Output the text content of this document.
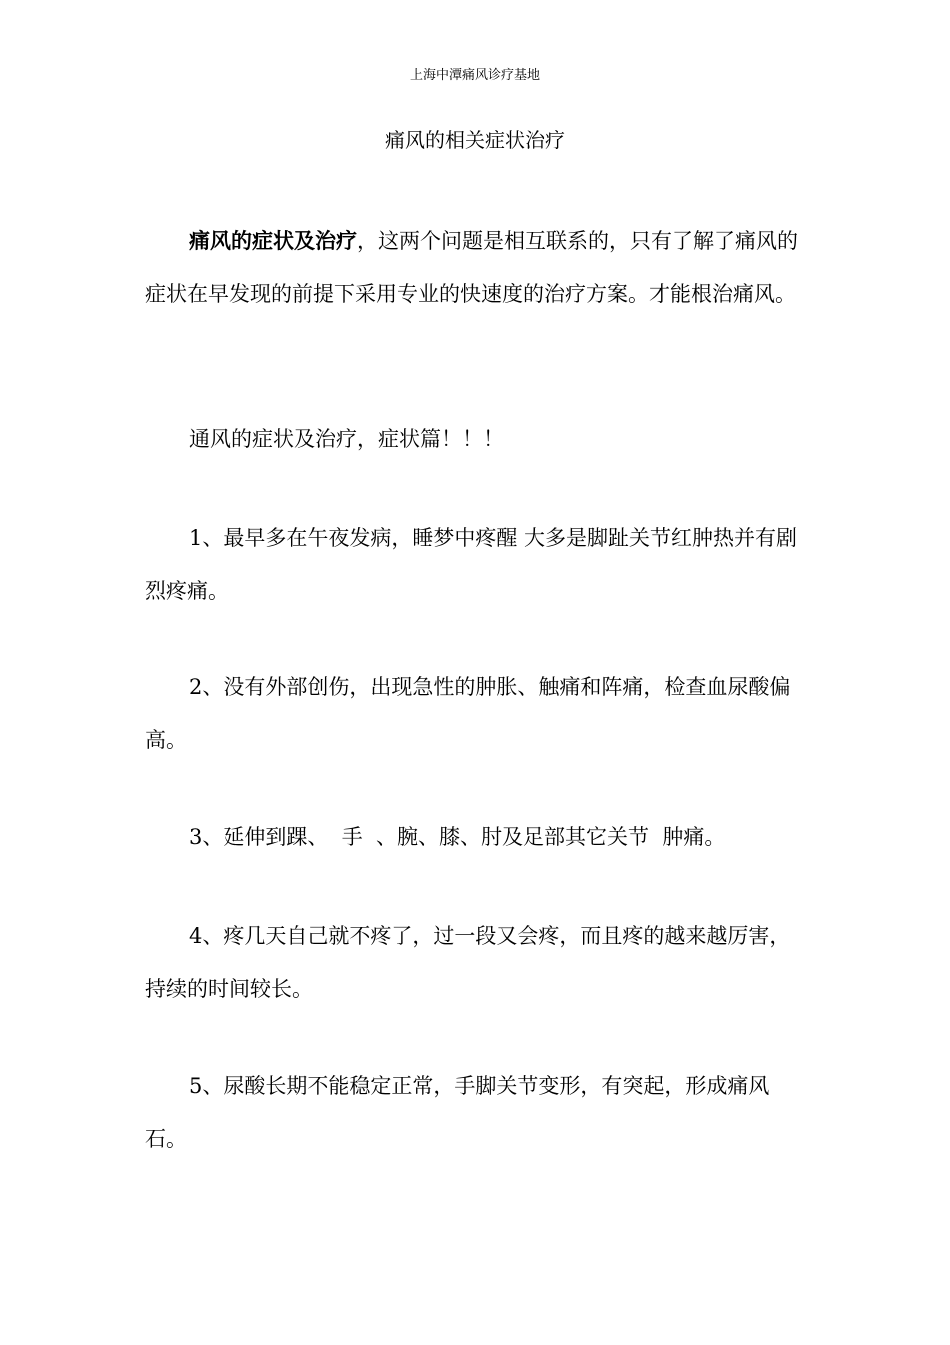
上海中潭痛风诊疗基地
痛风的相关症状治疗

痛风的症状及治疗，这两个问题是相互联系的，只有了解了痛风的症状在早发现的前提下采用专业的快速度的治疗方案。才能根治痛风。

通风的症状及治疗，症状篇！！！

1、最早多在午夜发病，睡梦中疼醒 大多是脚趾关节红肿热并有剧烈疼痛。

2、没有外部创伤，出现急性的肿胀、触痛和阵痛，检查血尿酸偏高。

3、延伸到踝、  手  、腕、膝、肘及足部其它关节  肿痛。

4、疼几天自己就不疼了，过一段又会疼，而且疼的越来越厉害，持续的时间较长。

5、尿酸长期不能稳定正常，手脚关节变形，有突起，形成痛风石。
